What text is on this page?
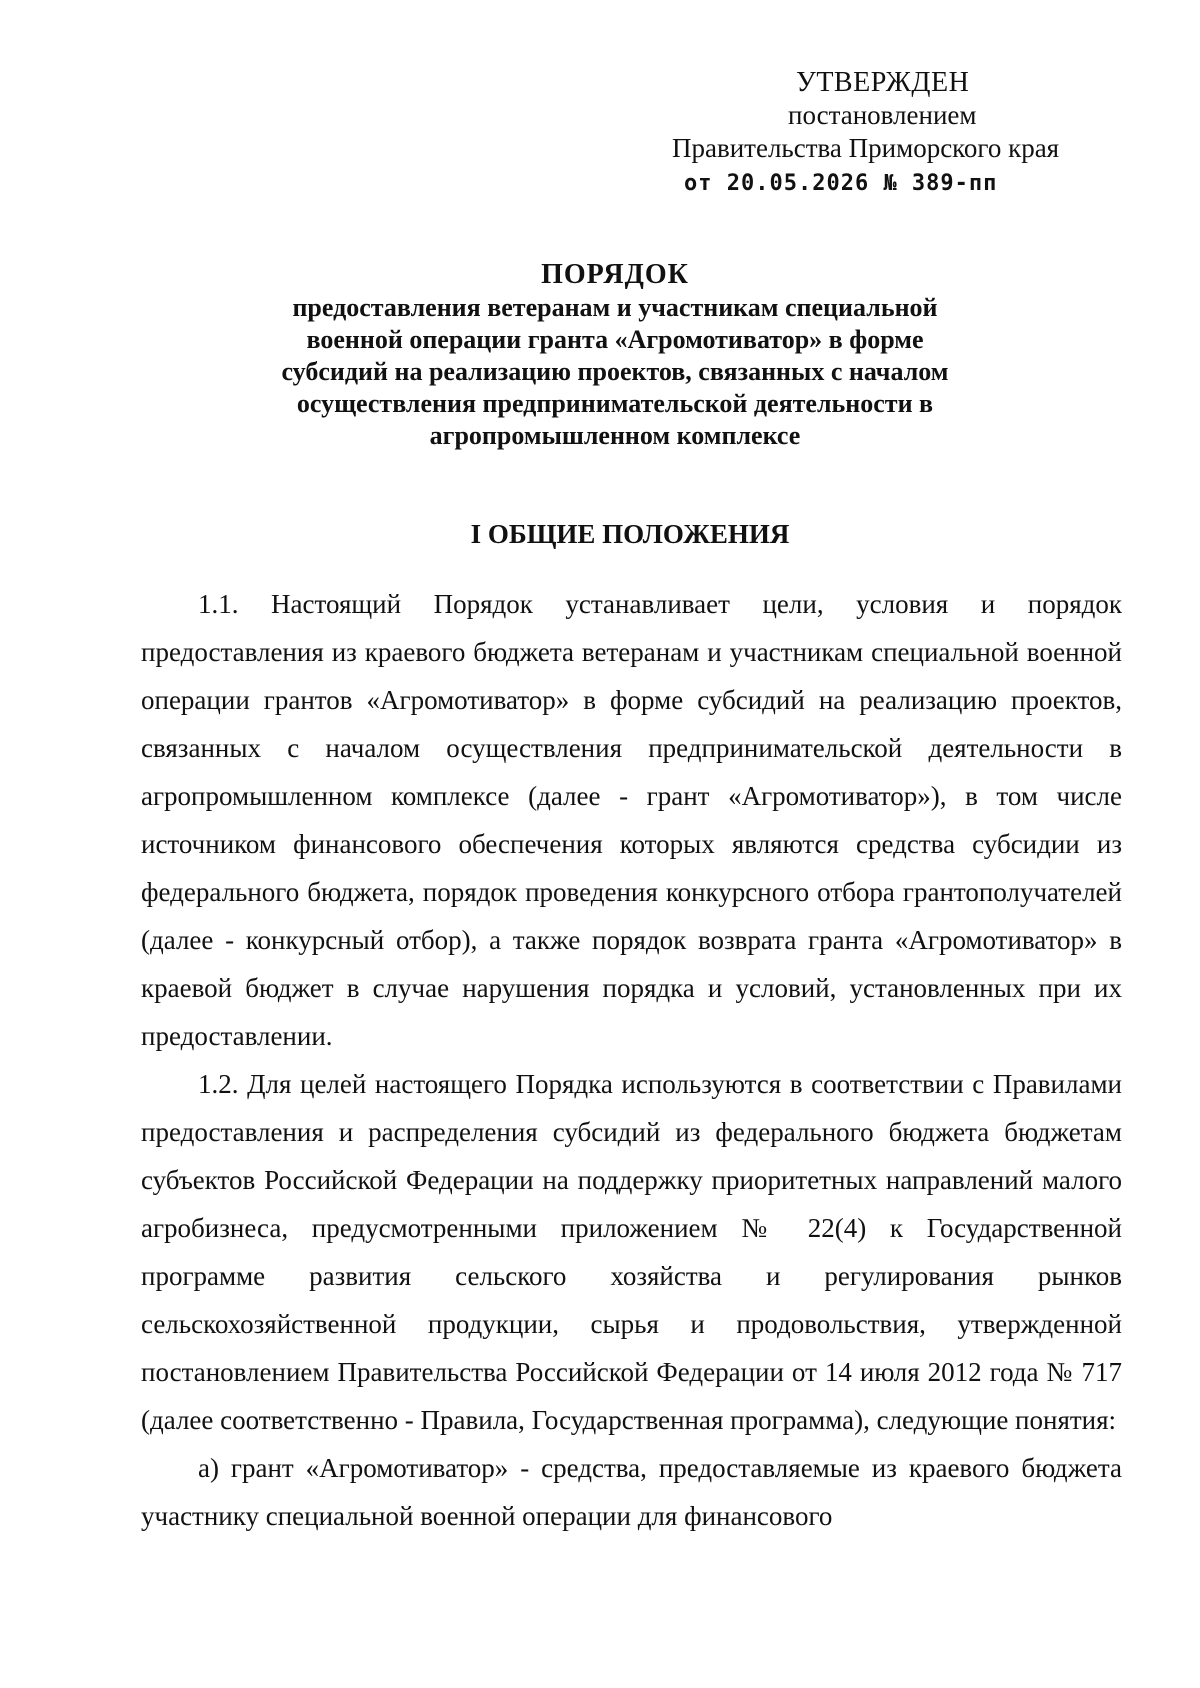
УТВЕРЖДЕН
постановлением
Правительства Приморского края
от 20.05.2026 № 389-пп
ПОРЯДОК
предоставления ветеранам и участникам специальной военной операции гранта «Агромотиватор» в форме субсидий на реализацию проектов, связанных с началом осуществления предпринимательской деятельности в агропромышленном комплексе
I ОБЩИЕ ПОЛОЖЕНИЯ

1.1. Настоящий Порядок устанавливает цели, условия и порядок предоставления из краевого бюджета ветеранам и участникам специальной военной операции грантов «Агромотиватор» в форме субсидий на реализацию проектов, связанных с началом осуществления предпринимательской деятельности в агропромышленном комплексе (далее - грант «Агромотиватор»), в том числе источником финансового обеспечения которых являются средства субсидии из федерального бюджета, порядок проведения конкурсного отбора грантополучателей (далее - конкурсный отбор), а также порядок возврата гранта «Агромотиватор» в краевой бюджет в случае нарушения порядка и условий, установленных при их предоставлении.

1.2. Для целей настоящего Порядка используются в соответствии с Правилами предоставления и распределения субсидий из федерального бюджета бюджетам субъектов Российской Федерации на поддержку приоритетных направлений малого агробизнеса, предусмотренными приложением № 22(4) к Государственной программе развития сельского хозяйства и регулирования рынков сельскохозяйственной продукции, сырья и продовольствия, утвержденной постановлением Правительства Российской Федерации от 14 июля 2012 года № 717 (далее соответственно - Правила, Государственная программа), следующие понятия:

а) грант «Агромотиватор» - средства, предоставляемые из краевого бюджета участнику специальной военной операции для финансового
